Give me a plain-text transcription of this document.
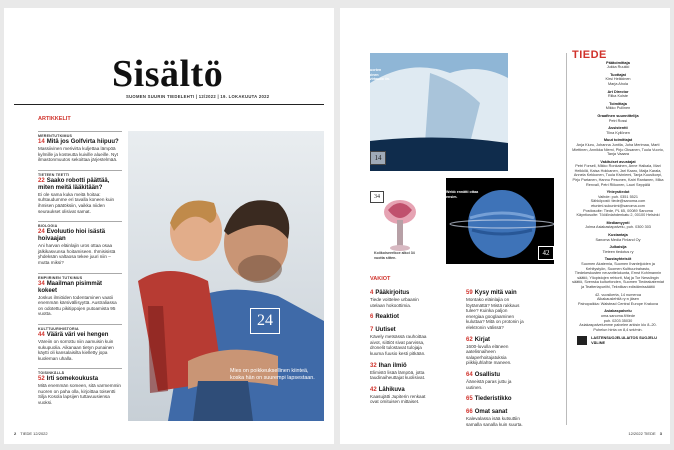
Sisältö
SUOMEN SUURIN TIEDELEHTI | 12/2022 | 19. LOKAKUUTA 2022
ARTIKKELIT
MERENTUTKIMUS
14 Mitä jos Golfvirta hiipuu?
Massiivinen merivirta kuljettaa lämpöä kylmille ja kosteutta kuiville alueille. Nyt ilmastonmuutos sekoittaa järjestelmää.
TIETEEN TEETTI
22 Saako robotti päättää, miten meitä lääkitään?
Ei ole sama kuka meitä hoitaa: suhtaudumme eri tavalla koneen kuin ihmisen päätöksiin, vaikka niiden seuraukset olisivat samat.
BIOLOGIA
24 Evoluutio hioi isästä hoivaajan
Ani harvan eläinlajin uros ottaa osaa jälkikasvunsa hoitamiseen. Ihmisisistä yhdeksän valtaosa tekee juuri niin – mutta miksi?
EMPIIRINEN TUTKIMUS
34 Maailman pisimmät kokeet
Joskus ilmiöiden todentaminen vaatii enemmän kärsivällisyyttä. Australiassa on odotettu pikitippojen putoamista 95 vuotta.
KULTTUURIHISTORIA
44 Väärä väri vei hengen
Väreiin on sorrottu niin aamuisin kuin sukupuolia. Aikanaan tietyn punainen käytti oli kansalaisilta kielletty jopa kuoleman uhalla.
TOISINKÄLLÄ
52 Irti somekoukusta
Mitä enemmän someen, sitä varmemmin nuoren on paha olla, kirjoittaa toisentti Silja Kosola lapsijen tuttavuusiensa vuoksi.
24
Mies on poikkeuksellinen kiinteä, koska hän on suurempi lapsestaan.
2 TIEDE 12/2022
Jäävuorten valkoinen merivirtaudo iin.
14
34
Koiikoiseerikoe alkoi 34 vuotta sitten.
Webb ennätti ottaa ensim.
42
VAKIOT
4 Pääkirjoitus
Tiede voittelee urbaanin utelaan hokoottimia.
6 Reaktiot
7 Uutiset
Kävely metsässä rauhoittaa aivot, siittiöt sivat parvissa, dronelit tulostavat tulojaja kuuma fuusio kesti pitkään.
32 Ihan ilmiö
Elimistö lisää lämpöä, jotta taudinaiheuttajat kuolisivat.
42 Lähikuva
Kaasujätti Jupiterin renkaat ovat omituisen mittaiset.
59 Kysy mitä vain
Montako eläinlajia on löytämättä? Mistä rakkaus tulee? Kuinka paljon energiaa googlaaminen kuluttaa? Mitä on protonin ja elektronin välissä?
62 Kirjat
1600-luvulla eläneen aatelisnaiheen salaperhoitajatuksia piikkijuhlahte maneen.
64 Osallistu
Ääneistä paras juttu ja uutinen.
65 Tiederistikko
66 Omat sanat
Kalevalassa isää kutsuttiin samalla sanalla kuin suurta.
TIEDE
Päätoimittaja
Jukka Ruukki
Tuottajat
Kirsi Heikkinen
Marja Ahola
Art Director
Riika Kolste
Toimittaja
Mikko Pullinen
Graafinen suunnittelija
Petri Rossi
Assistentti
Tiina Kyllönen
Muut toimittajat
Anja Kiuru, Johanna Juntila, Juha Merimaa, Marti Miettinen, Annikka Niemi, Pirjo Oksanen, Tuula Vuorio, Tanja Vaaara
Vakituiset avustajat
Petri Forsell, Mikko Ronkainen, Anne Haikala, Mari Heikkilä, Kaisa Hokkanen, Jari Kaaro, Maija Karala, Annela Kekkonen, Tuula Kiviniemi, Tanja Kuusikorpi, Pirjo Partanen, Hannu Pesonen, Katri Rantanen, Mika Renvall, Petri Riikonen, Lauri Seppälä
Yhteystiedot
Vaihde: puh. 0351 5521
Sähköposti: tiede@sanoma.com
etunimi.sukunimi@sanoma.com
Postiosoite: Tiede, PL 65, 00089 Sanoma
Käyntiosoite: Töölönlahdenkatu 2, 00100 Helsinki
Mediamyynti
Jolma Asiakastapalvelu, puh. 0300 303
Kustantaja
Sanoma Media Finland Oy
Julkaisija
Tieteen tiedotus ry
Taustayhteisöt
Suomen Akatemia, Suomen Ihanteijoiden ja Kehitystyön, Suomen Kulttuurirahasto, Tiedekeskusten neuvottelukunta, Ernst Kohlmannin säätiö, Yliopistojen rehtorit, Maj ja Tor Nesslingin säätiö, Svenska kulturfonden, Suomen Tiedeakatemiat ja Teatteriapuriihi, Tekniikan edistämissäätiö
42. vuosikerta, 14 numeroa
Aikakauslehtiä ry:n jäsen
Painopaikka: Walstead Central Europe Krakova
Asiakaspalvelu
oma.sanoma.fi/tiede
puh. 0203 35030
Asiakaspalvelumme palvelee arkisin klo 8–20. Puhelun hinta on 8,4 snt/min.
LASTENSUOJELULAITOS SUOJELU VÄLINE
12/2022 TIEDE 3
